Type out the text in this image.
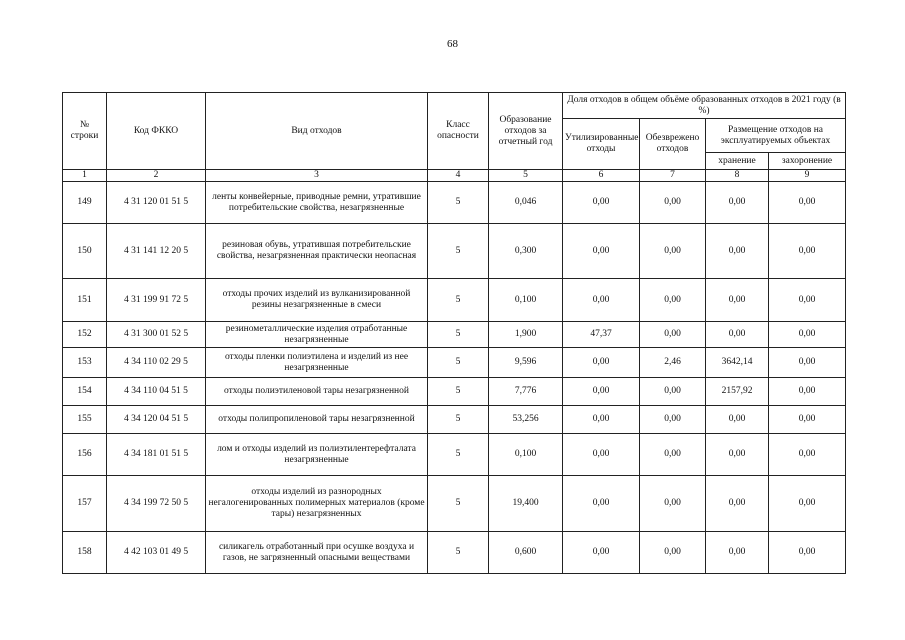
68
№ строки	Код ФККО	Вид отходов	Класс опасности	Образование отходов за отчетный год	Доля отходов в общем объёме образованных отходов в 2021 году (в %)			
					Утилизированные отходы	Обезврежено отходов	Размещение отходов на эксплуатируемых объектах	
							хранение	захоронение
1	2	3	4	5	6	7	8	9
149	4 31 120 01 51 5	ленты конвейерные, приводные ремни, утратившие потребительские свойства, незагрязненные	5	0,046	0,00	0,00	0,00	0,00
150	4 31 141 12 20 5	резиновая обувь, утратившая потребительские свойства, незагрязненная практически неопасная	5	0,300	0,00	0,00	0,00	0,00
151	4 31 199 91 72 5	отходы прочих изделий из вулканизированной резины незагрязненные в смеси	5	0,100	0,00	0,00	0,00	0,00
152	4 31 300 01 52 5	резинометаллические изделия отработанные незагрязненные	5	1,900	47,37	0,00	0,00	0,00
153	4 34 110 02 29 5	отходы пленки полиэтилена и изделий из нее незагрязненные	5	9,596	0,00	2,46	3642,14	0,00
154	4 34 110 04 51 5	отходы полиэтиленовой тары незагрязненной	5	7,776	0,00	0,00	2157,92	0,00
155	4 34 120 04 51 5	отходы полипропиленовой тары незагрязненной	5	53,256	0,00	0,00	0,00	0,00
156	4 34 181 01 51 5	лом и отходы изделий из полиэтилентерефталата незагрязненные	5	0,100	0,00	0,00	0,00	0,00
157	4 34 199 72 50 5	отходы изделий из разнородных негалогенированных полимерных материалов (кроме тары) незагрязненных	5	19,400	0,00	0,00	0,00	0,00
158	4 42 103 01 49 5	силикагель отработанный при осушке воздуха и газов, не загрязненный опасными веществами	5	0,600	0,00	0,00	0,00	0,00
